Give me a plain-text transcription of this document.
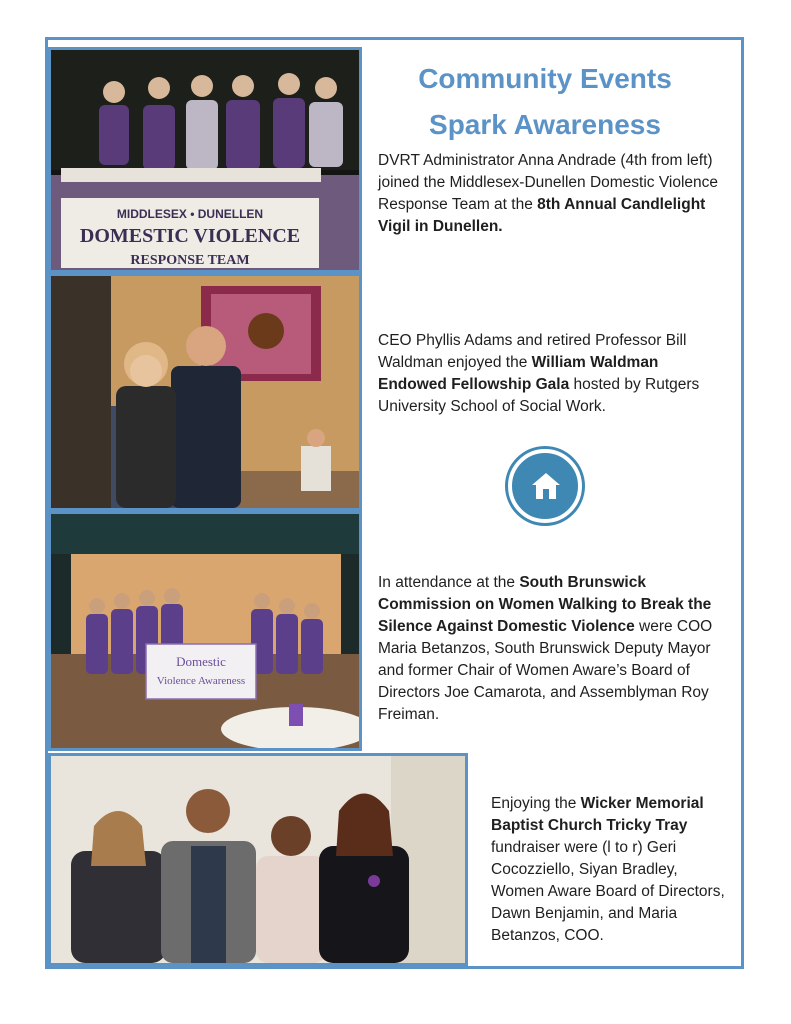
MIDDLESEX • DUNELLEN
DOMESTIC VIOLENCE
RESPONSE TEAM
Domestic
Violence Awareness
Community Events
Spark Awareness
DVRT Administrator Anna Andrade (4th from left) joined the Middlesex-Dunellen Domestic Violence Response Team at the 8th Annual Candlelight Vigil in Dunellen.
CEO Phyllis Adams and retired Professor Bill Waldman enjoyed the William Waldman Endowed Fellowship Gala hosted by Rutgers University School of Social Work.
In attendance at the South Brunswick Commission on Women Walking to Break the Silence Against Domestic Violence were COO Maria Betanzos, South Brunswick Deputy Mayor and former Chair of Women Aware’s Board of Directors Joe Camarota, and Assemblyman Roy Freiman.
Enjoying the Wicker Memorial Baptist Church Tricky Tray fundraiser were (l to r) Geri Cocozziello, Siyan Bradley, Women Aware Board of Directors, Dawn Benjamin, and Maria Betanzos, COO.
